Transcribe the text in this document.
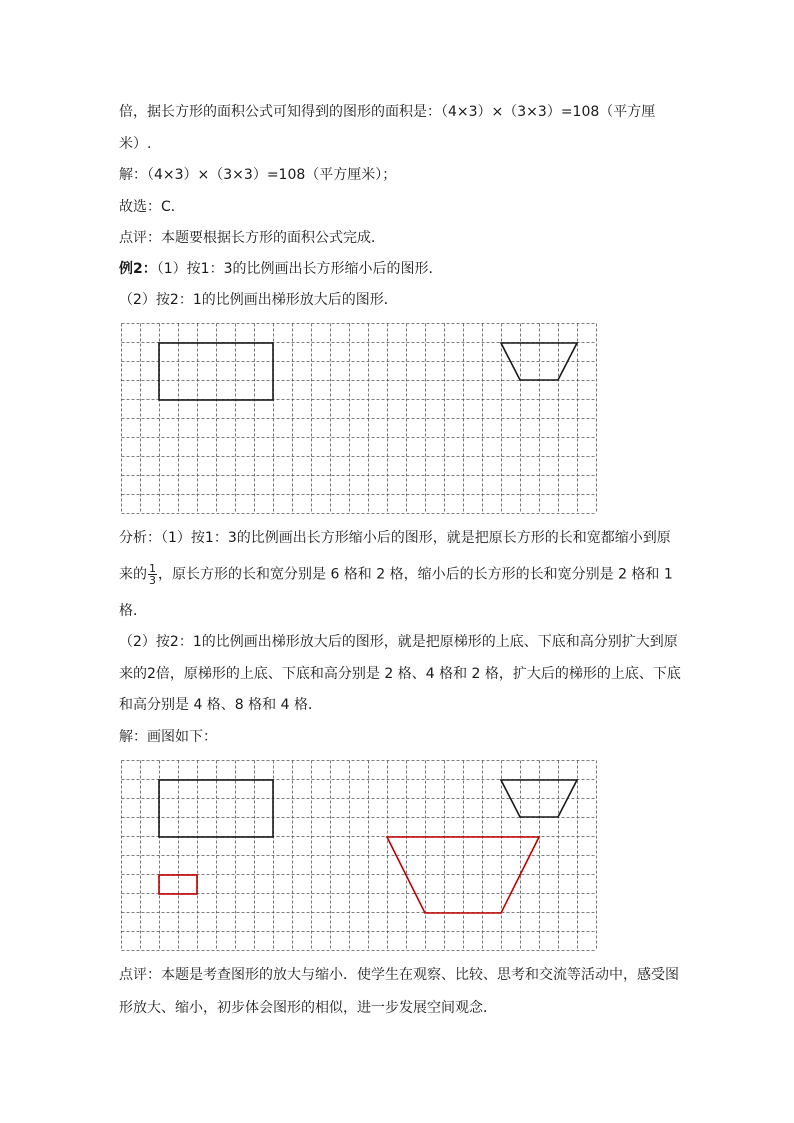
倍，据长方形的面积公式可知得到的图形的面积是：（4×3）×（3×3）=108（平方厘
米）.
解：（4×3）×（3×3）=108（平方厘米）；
故选：C．
点评：本题要根据长方形的面积公式完成．
例2：（1）按1：3的比例画出长方形缩小后的图形．
（2）按2：1的比例画出梯形放大后的图形．
分析：（1）按1：3的比例画出长方形缩小后的图形，就是把原长方形的长和宽都缩小到原
来的 $\frac{1}{3}$ ，原长方形的长和宽分别是 6 格和 2 格，缩小后的长方形的长和宽分别是 2 格和 1
格．
（2）按2：1的比例画出梯形放大后的图形，就是把原梯形的上底、下底和高分别扩大到原
来的2倍，原梯形的上底、下底和高分别是 2 格、4 格和 2 格，扩大后的梯形的上底、下底
和高分别是 4 格、8 格和 4 格．
解：画图如下：
点评：本题是考查图形的放大与缩小．使学生在观察、比较、思考和交流等活动中，感受图
形放大、缩小，初步体会图形的相似，进一步发展空间观念．
